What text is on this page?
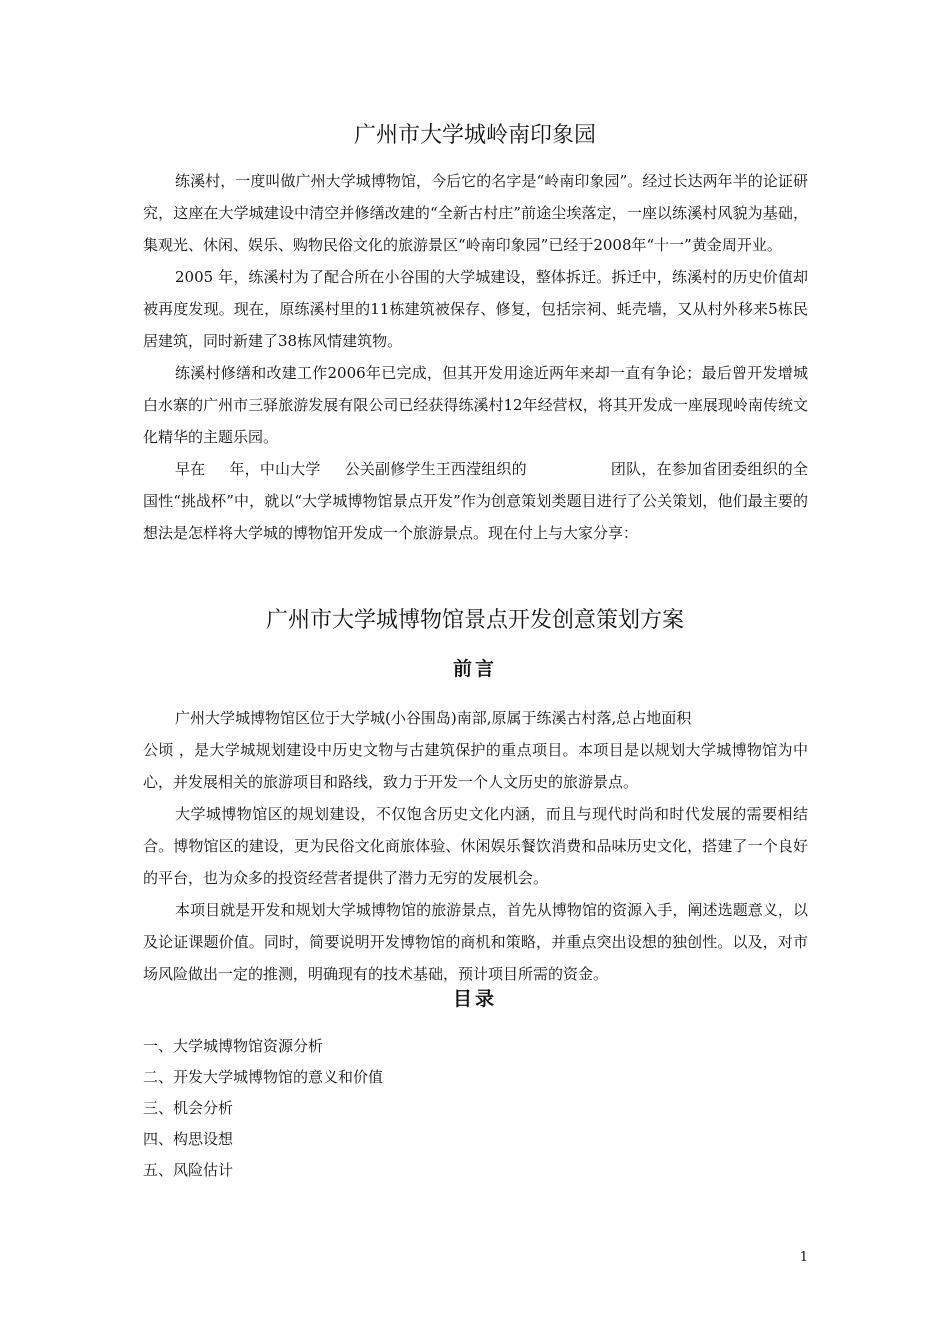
广州市大学城岭南印象园

练溪村，一度叫做广州大学城博物馆，今后它的名字是“岭南印象园”。经过长达两年半的论证研究，这座在大学城建设中清空并修缮改建的“全新古村庄”前途尘埃落定，一座以练溪村风貌为基础，集观光、休闲、娱乐、购物民俗文化的旅游景区“岭南印象园”已经于2008年“十一”黄金周开业。

2005 年，练溪村为了配合所在小谷围的大学城建设，整体拆迁。拆迁中，练溪村的历史价值却被再度发现。现在，原练溪村里的11栋建筑被保存、修复，包括宗祠、蚝壳墙，又从村外移来5栋民居建筑，同时新建了38栋风情建筑物。

练溪村修缮和改建工作2006年已完成，但其开发用途近两年来却一直有争论；最后曾开发增城白水寨的广州市三驿旅游发展有限公司已经获得练溪村12年经营权，将其开发成一座展现岭南传统文化精华的主题乐园。

早在 年，中山大学 公关副修学生王西滢组织的	团队，在参加省团委组织的全国性“挑战杯”中，就以“大学城博物馆景点开发”作为创意策划类题目进行了公关策划，他们最主要的想法是怎样将大学城的博物馆开发成一个旅游景点。现在付上与大家分享：

广州市大学城博物馆景点开发创意策划方案
前言

广州大学城博物馆区位于大学城(小谷围岛)南部,原属于练溪古村落,总占地面积

公顷 ，是大学城规划建设中历史文物与古建筑保护的重点项目。本项目是以规划大学城博物馆为中心，并发展相关的旅游项目和路线，致力于开发一个人文历史的旅游景点。

大学城博物馆区的规划建设，不仅饱含历史文化内涵，而且与现代时尚和时代发展的需要相结合。博物馆区的建设，更为民俗文化商旅体验、休闲娱乐餐饮消费和品味历史文化，搭建了一个良好的平台，也为众多的投资经营者提供了潜力无穷的发展机会。

本项目就是开发和规划大学城博物馆的旅游景点，首先从博物馆的资源入手，阐述选题意义，以及论证课题价值。同时，简要说明开发博物馆的商机和策略，并重点突出设想的独创性。以及，对市场风险做出一定的推测，明确现有的技术基础，预计项目所需的资金。

目录
一、大学城博物馆资源分析
二、开发大学城博物馆的意义和价值
三、机会分析
四、构思设想
五、风险估计
1
